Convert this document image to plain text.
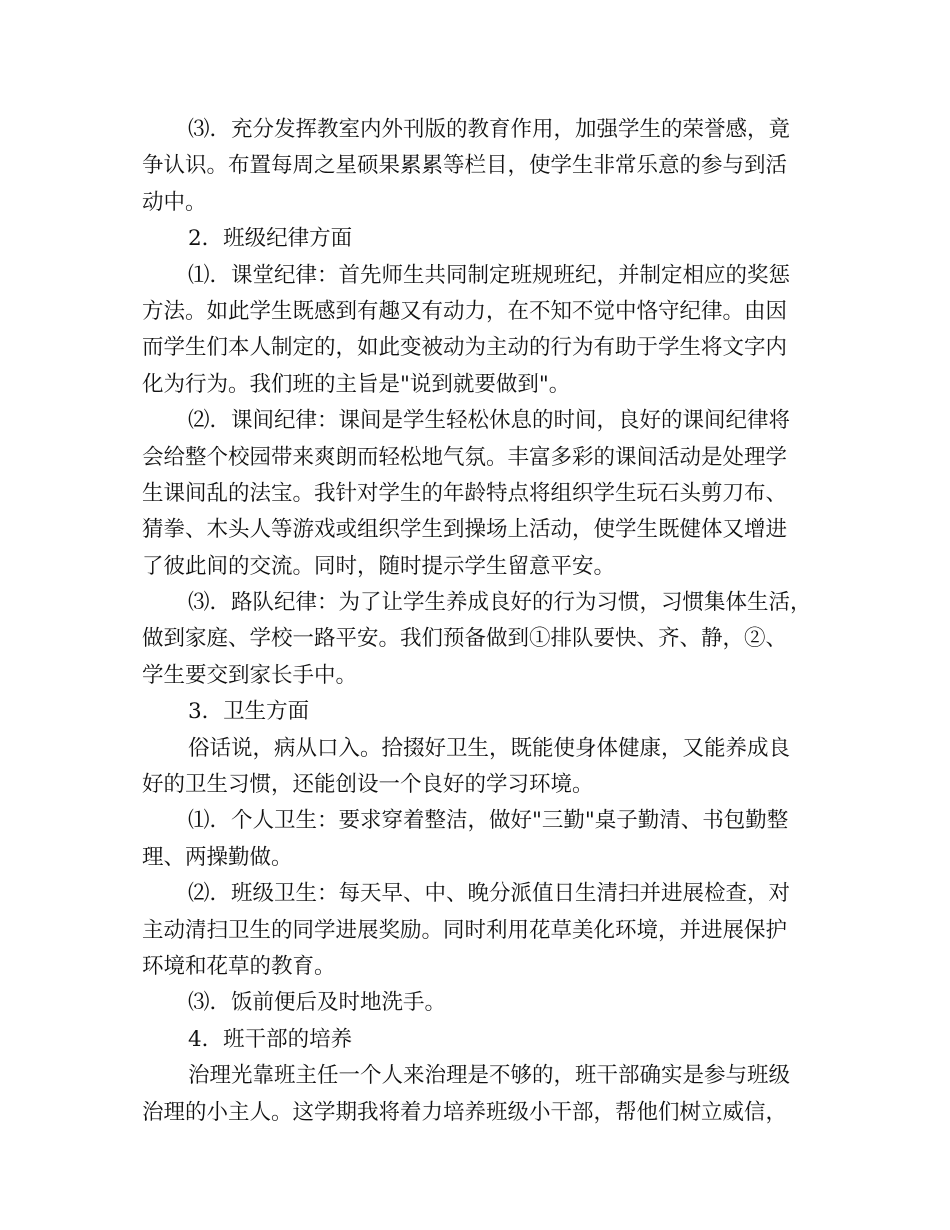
⑶．充分发挥教室内外刊版的教育作用，加强学生的荣誉感，竟
争认识。布置每周之星硕果累累等栏目，使学生非常乐意的参与到活
动中。
2．班级纪律方面
⑴．课堂纪律：首先师生共同制定班规班纪，并制定相应的奖惩
方法。如此学生既感到有趣又有动力，在不知不觉中恪守纪律。由因
而学生们本人制定的，如此变被动为主动的行为有助于学生将文字内
化为行为。我们班的主旨是"说到就要做到"。
⑵．课间纪律：课间是学生轻松休息的时间，良好的课间纪律将
会给整个校园带来爽朗而轻松地气氛。丰富多彩的课间活动是处理学
生课间乱的法宝。我针对学生的年龄特点将组织学生玩石头剪刀布、
猜拳、木头人等游戏或组织学生到操场上活动，使学生既健体又增进
了彼此间的交流。同时，随时提示学生留意平安。
⑶．路队纪律：为了让学生养成良好的行为习惯，习惯集体生活，
做到家庭、学校一路平安。我们预备做到①排队要快、齐、静，②、
学生要交到家长手中。
3．卫生方面
俗话说，病从口入。拾掇好卫生，既能使身体健康，又能养成良
好的卫生习惯，还能创设一个良好的学习环境。
⑴．个人卫生：要求穿着整洁，做好"三勤"桌子勤清、书包勤整
理、两操勤做。
⑵．班级卫生：每天早、中、晚分派值日生清扫并进展检查，对
主动清扫卫生的同学进展奖励。同时利用花草美化环境，并进展保护
环境和花草的教育。
⑶．饭前便后及时地洗手。
4．班干部的培养
治理光靠班主任一个人来治理是不够的，班干部确实是参与班级
治理的小主人。这学期我将着力培养班级小干部，帮他们树立威信，
